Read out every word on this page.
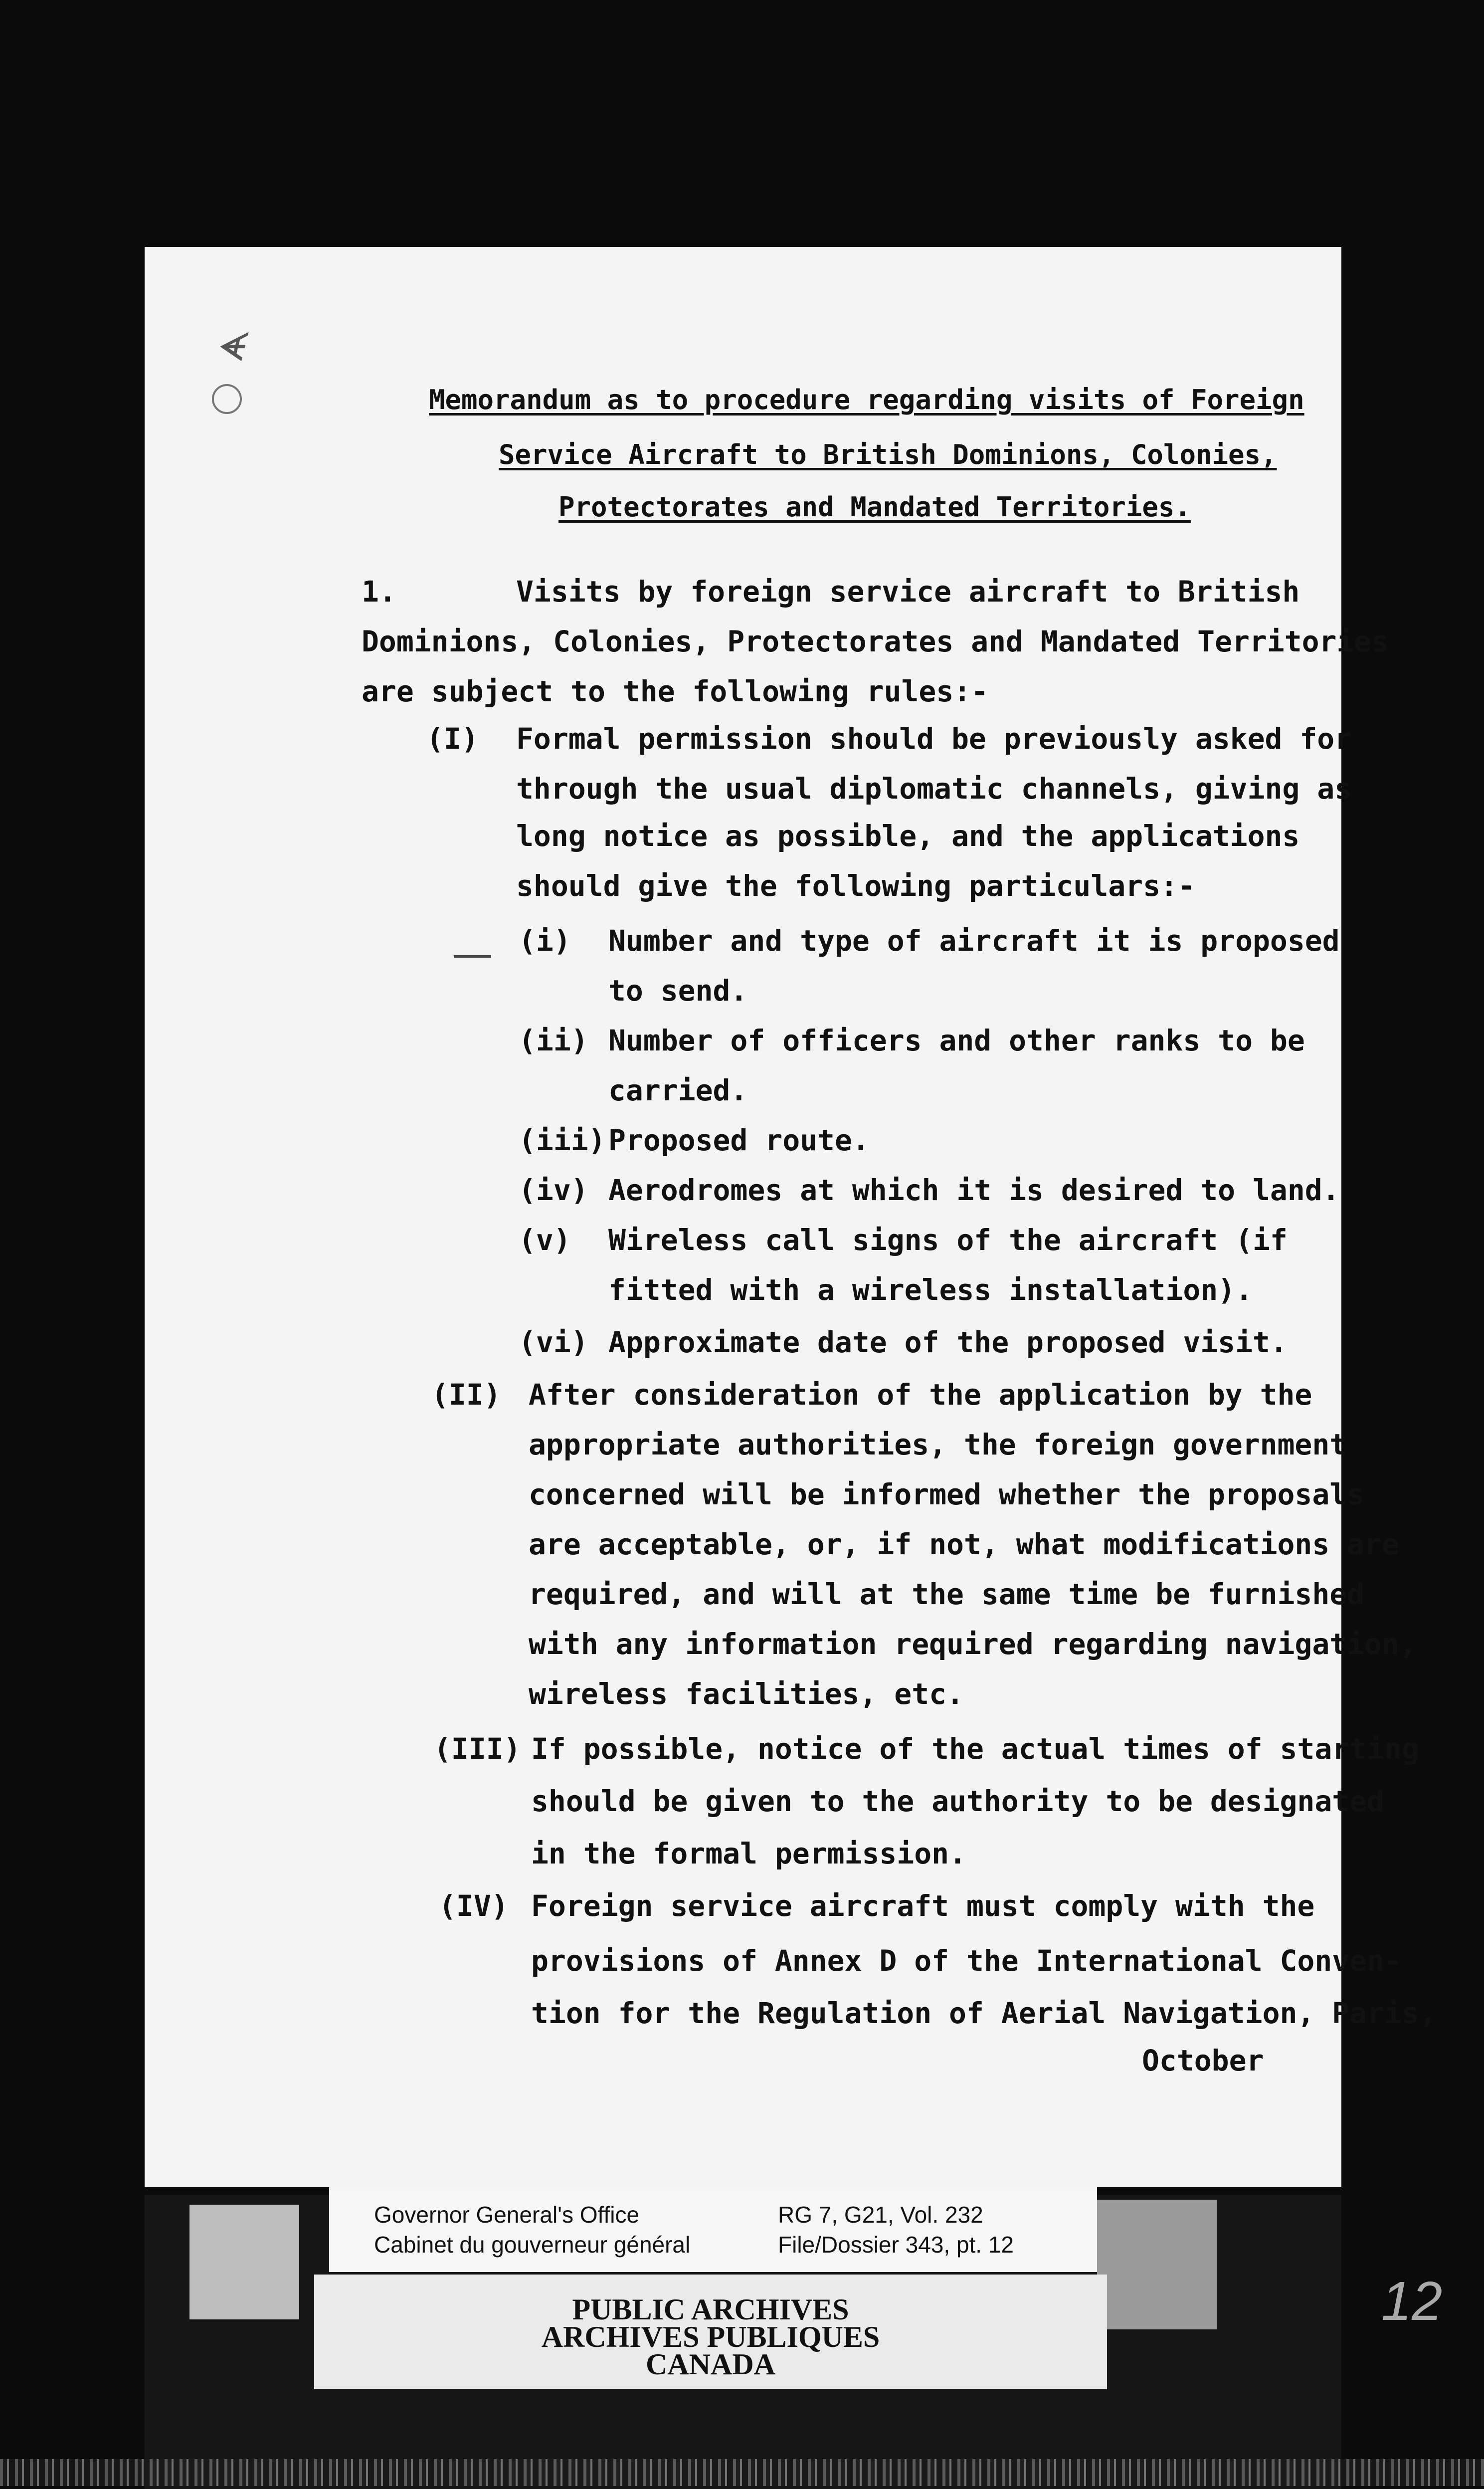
ᗛ

Memorandum as to procedure regarding visits of Foreign

Service Aircraft to British Dominions, Colonies,

Protectorates and Mandated Territories.

1.	Visits by foreign service aircraft to British

Dominions, Colonies, Protectorates and Mandated Territories

are subject to the following rules:-

(I) Formal permission should be previously asked for

through the usual diplomatic channels, giving as

long notice as possible, and the applications

should give the following particulars:-

(i) Number and type of aircraft it is proposed

to send.

(ii) Number of officers and other ranks to be

carried.

(iii) Proposed route.

(iv) Aerodromes at which it is desired to land.

(v) Wireless call signs of the aircraft (if

fitted with a wireless installation).

(vi) Approximate date of the proposed visit.

(II) After consideration of the application by the

appropriate authorities, the foreign government

concerned will be informed whether the proposals

are acceptable, or, if not, what modifications are

required, and will at the same time be furnished

with any information required regarding navigation,

wireless facilities, etc.

(III) If possible, notice of the actual times of starting

should be given to the authority to be designated

in the formal permission.

(IV) Foreign service aircraft must comply with the

provisions of Annex D of the International Conven-

tion for the Regulation of Aerial Navigation, Paris,

October

Governor General's Office
Cabinet du gouverneur général
RG 7, G21, Vol. 232
File/Dossier 343, pt. 12
PUBLIC ARCHIVES
ARCHIVES PUBLIQUES
CANADA
12
